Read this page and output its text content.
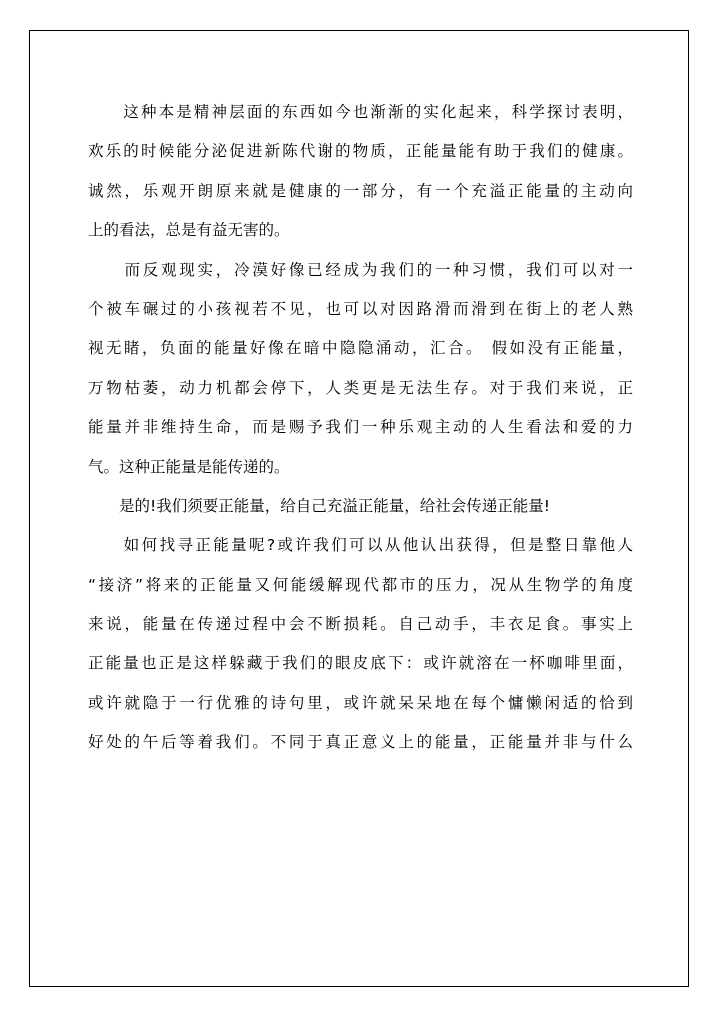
　　这种本是精神层面的东西如今也渐渐的实化起来，科学探讨表明，
欢乐的时候能分泌促进新陈代谢的物质，正能量能有助于我们的健康。
诚然，乐观开朗原来就是健康的一部分，有一个充溢正能量的主动向
上的看法，总是有益无害的。
　　而反观现实，冷漠好像已经成为我们的一种习惯，我们可以对一
个被车碾过的小孩视若不见，也可以对因路滑而滑到在街上的老人熟
视无睹，负面的能量好像在暗中隐隐涌动，汇合。 假如没有正能量，
万物枯萎，动力机都会停下，人类更是无法生存。对于我们来说，正
能量并非维持生命，而是赐予我们一种乐观主动的人生看法和爱的力
气。这种正能量是能传递的。
　　是的!我们须要正能量，给自己充溢正能量，给社会传递正能量!
　　如何找寻正能量呢?或许我们可以从他认出获得，但是整日靠他人
“接济”将来的正能量又何能缓解现代都市的压力，况从生物学的角度
来说，能量在传递过程中会不断损耗。自己动手，丰衣足食。事实上
正能量也正是这样躲藏于我们的眼皮底下：或许就溶在一杯咖啡里面，
或许就隐于一行优雅的诗句里，或许就呆呆地在每个慵懒闲适的恰到
好处的午后等着我们。不同于真正意义上的能量，正能量并非与什么
